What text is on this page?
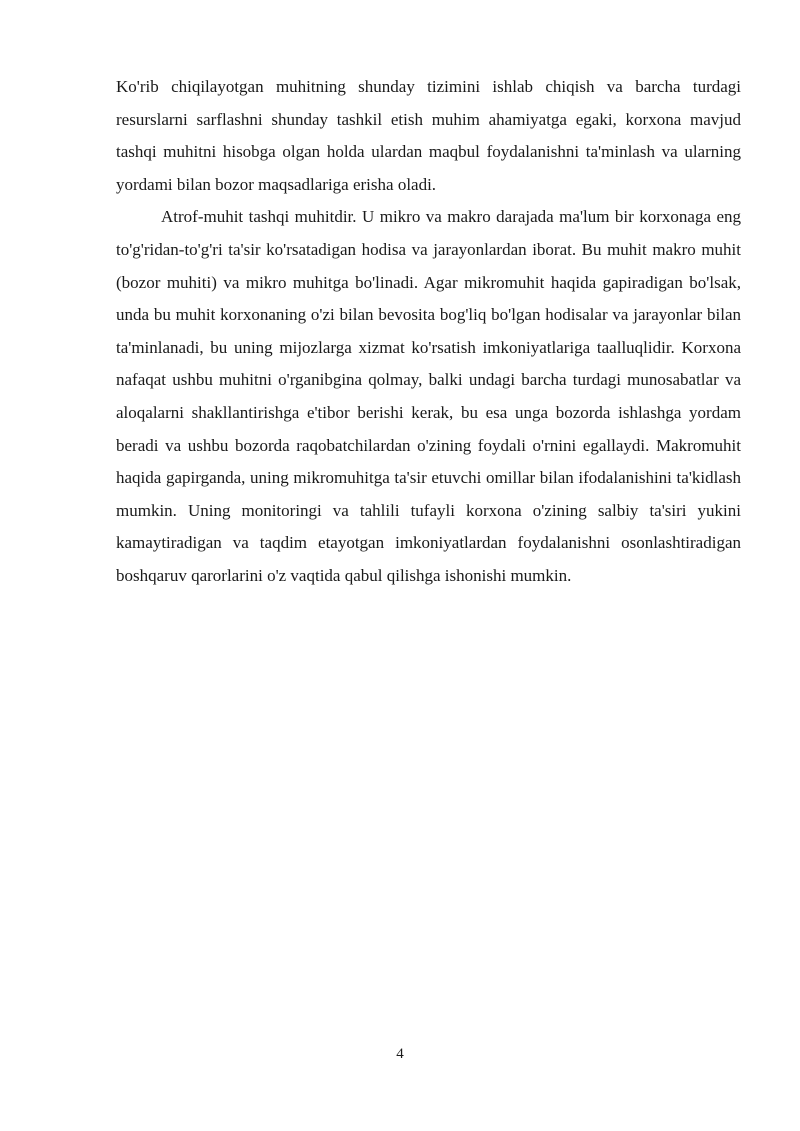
Ko'rib chiqilayotgan muhitning shunday tizimini ishlab chiqish va barcha turdagi resurslarni sarflashni shunday tashkil etish muhim ahamiyatga egaki, korxona mavjud tashqi muhitni hisobga olgan holda ulardan maqbul foydalanishni ta'minlash va ularning yordami bilan bozor maqsadlariga erisha oladi.

Atrof-muhit tashqi muhitdir. U mikro va makro darajada ma'lum bir korxonaga eng to'g'ridan-to'g'ri ta'sir ko'rsatadigan hodisa va jarayonlardan iborat. Bu muhit makro muhit (bozor muhiti) va mikro muhitga bo'linadi. Agar mikromuhit haqida gapiradigan bo'lsak, unda bu muhit korxonaning o'zi bilan bevosita bog'liq bo'lgan hodisalar va jarayonlar bilan ta'minlanadi, bu uning mijozlarga xizmat ko'rsatish imkoniyatlariga taalluqlidir. Korxona nafaqat ushbu muhitni o'rganibgina qolmay, balki undagi barcha turdagi munosabatlar va aloqalarni shakllantirishga e'tibor berishi kerak, bu esa unga bozorda ishlashga yordam beradi va ushbu bozorda raqobatchilardan o'zining foydali o'rnini egallaydi. Makromuhit haqida gapirganda, uning mikromuhitga ta'sir etuvchi omillar bilan ifodalanishini ta'kidlash mumkin. Uning monitoringi va tahlili tufayli korxona o'zining salbiy ta'siri yukini kamaytiradigan va taqdim etayotgan imkoniyatlardan foydalanishni osonlashtiradigan boshqaruv qarorlarini o'z vaqtida qabul qilishga ishonishi mumkin.

4
